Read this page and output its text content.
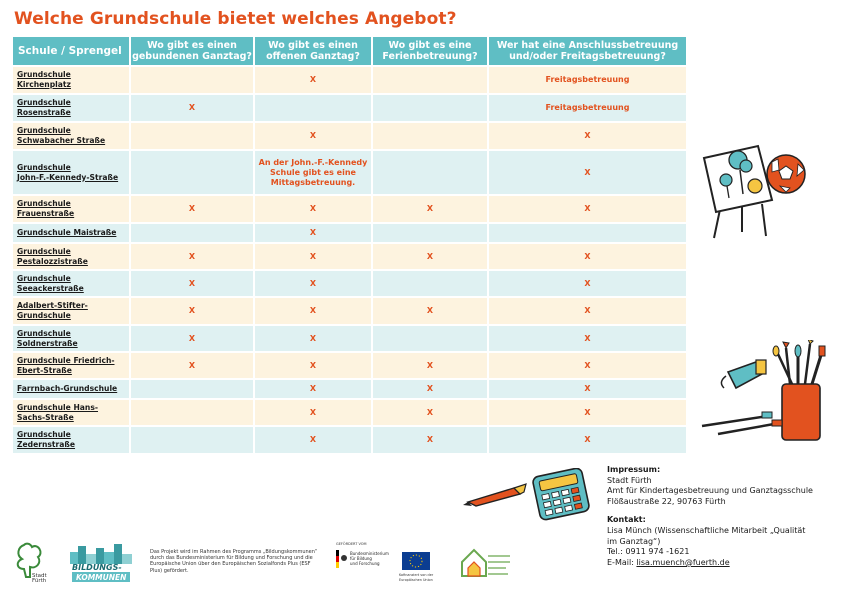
Welche Grundschule bietet welches Angebot?
Schule / Sprengel	Wo gibt es einen
gebundenen Ganztag?	Wo gibt es einen
offenen Ganztag?	Wo gibt es eine
Ferienbetreuung?	Wer hat eine Anschlussbetreuung
und/oder Freitagsbetreuung?
Grundschule
Kirchenplatz		X		Freitagsbetreuung
Grundschule
Rosenstraße	X			Freitagsbetreuung
Grundschule
Schwabacher Straße		X		X
Grundschule
John-F.-Kennedy-Straße		An der John.-F.-Kennedy
Schule gibt es eine
Mittagsbetreuung.		X
Grundschule
Frauenstraße	X	X	X	X
Grundschule Maistraße		X		
Grundschule
Pestalozzistraße	X	X	X	X
Grundschule
Seeackerstraße	X	X		X
Adalbert-Stifter-
Grundschule	X	X	X	X
Grundschule
Soldnerstraße	X	X		X
Grundschule Friedrich-
Ebert-Straße	X	X	X	X
Farrnbach-Grundschule		X	X	X
Grundschule Hans-
Sachs-Straße		X	X	X
Grundschule
Zedernstraße		X	X	X
Impressum:
Stadt Fürth
Amt für Kindertagesbetreuung und Ganztagsschule
Flößaustraße 22, 90763 Fürth
Kontakt:
Lisa Münch (Wissenschaftliche Mitarbeit „Qualität
im Ganztag“)
Tel.: 0911 974 -1621
E-Mail: lisa.muench@fuerth.de
Stadt
Fürth
BILDUNGS-
KOMMUNEN
Das Projekt wird im Rahmen des Programms „Bildungskommunen“ durch das Bundesministerium für Bildung und Forschung und die Europäische Union über den Europäischen Sozialfonds Plus (ESF Plus) gefördert.
GEFÖRDERT VOM
Bundesministerium
für Bildung
und Forschung
Kofinanziert von der
Europäischen Union
